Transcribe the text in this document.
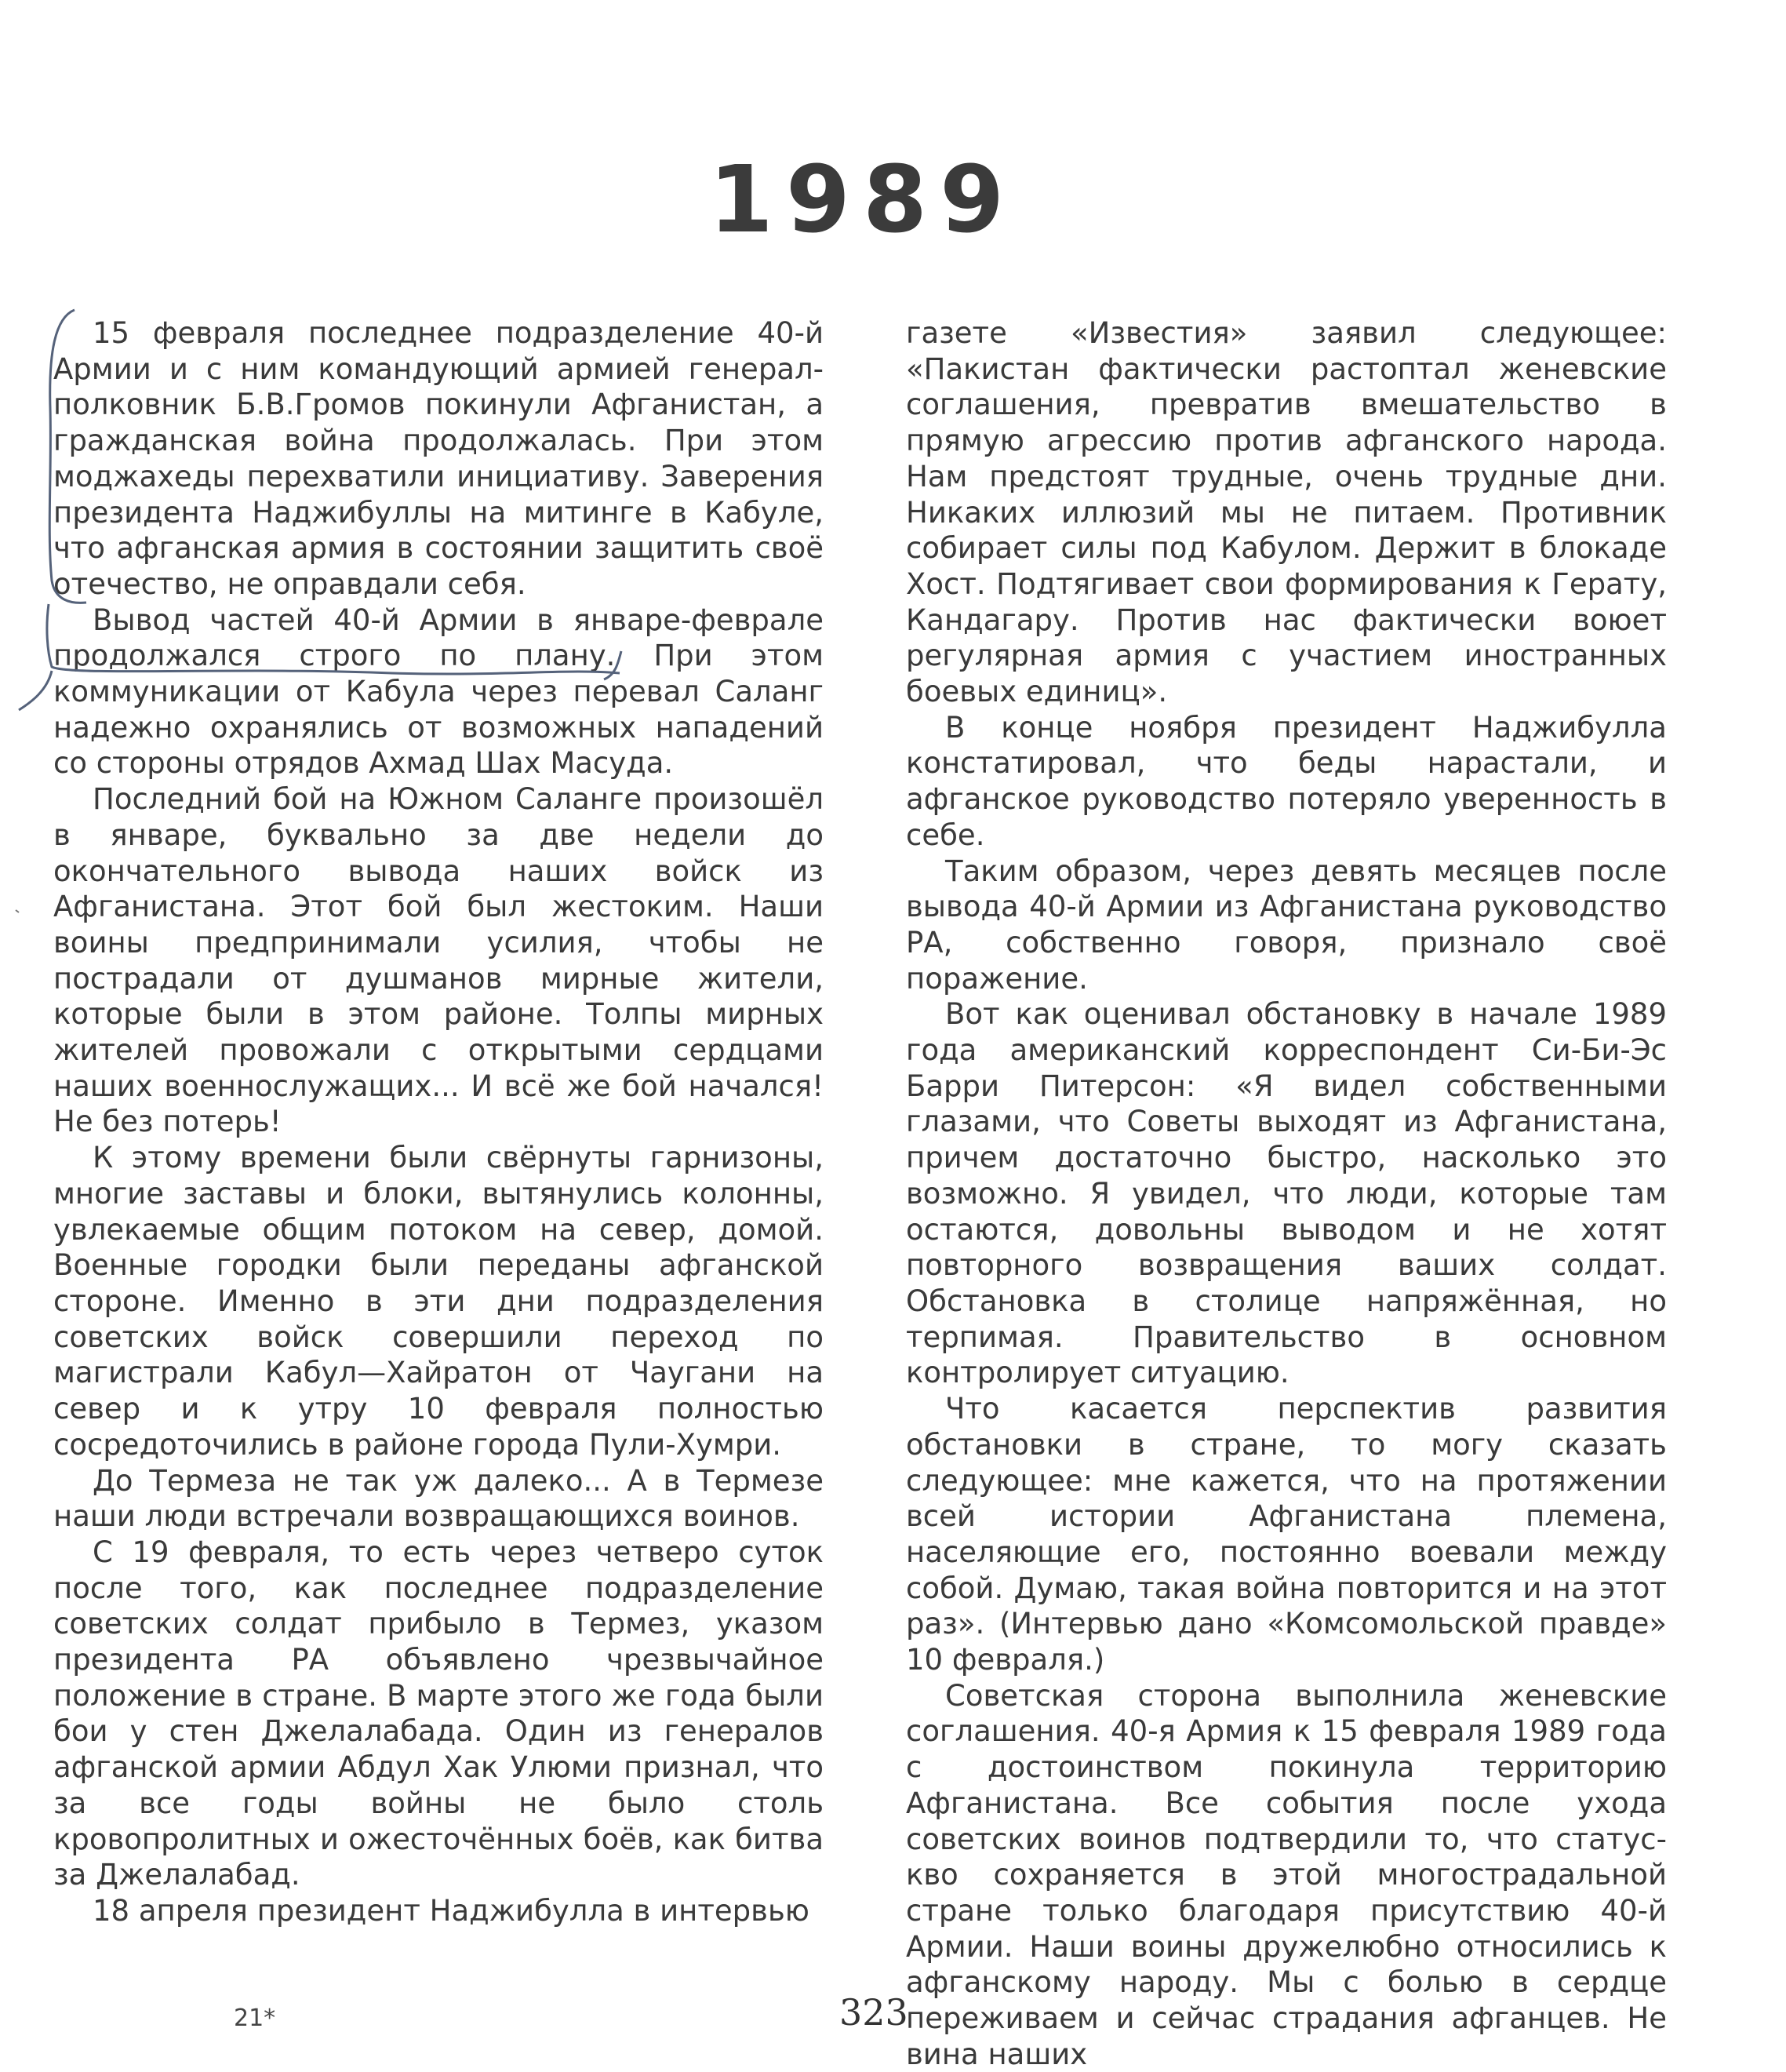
1989

15 февраля последнее подразделение 40-й Армии и с ним командующий армией генерал-полковник Б.В.Громов покинули Афганистан, а гражданская война продолжалась. При этом моджахеды перехватили инициативу. Заверения президента Наджибуллы на митинге в Кабуле, что афганская армия в состоянии защитить своё отечество, не оправдали себя.

Вывод частей 40-й Армии в январе-феврале продолжался строго по плану. При этом коммуникации от Кабула через перевал Саланг надежно охранялись от возможных нападений со стороны отрядов Ахмад Шах Масуда.

Последний бой на Южном Саланге произошёл в январе, буквально за две недели до окончательного вывода наших войск из Афганистана. Этот бой был жестоким. Наши воины предпринимали усилия, чтобы не пострадали от душманов мирные жители, которые были в этом районе. Толпы мирных жителей провожали с открытыми сердцами наших военнослужащих... И всё же бой начался! Не без потерь!

К этому времени были свёрнуты гарнизоны, многие заставы и блоки, вытянулись колонны, увлекаемые общим потоком на север, домой. Военные городки были переданы афганской стороне. Именно в эти дни подразделения советских войск совершили переход по магистрали Кабул—Хайратон от Чаугани на север и к утру 10 февраля полностью сосредоточились в районе города Пули-Хумри.

До Термеза не так уж далеко... А в Термезе наши люди встречали возвращающихся воинов.

С 19 февраля, то есть через четверо суток после того, как последнее подразделение советских солдат прибыло в Термез, указом президента РА объявлено чрезвычайное положение в стране. В марте этого же года были бои у стен Джелалабада. Один из генералов афганской армии Абдул Хак Улюми признал, что за все годы войны не было столь кровопролитных и ожесточённых боёв, как битва за Джелалабад.

18 апреля президент Наджибулла в интервью

газете «Известия» заявил следующее: «Пакистан фактически растоптал женевские соглашения, превратив вмешательство в прямую агрессию против афганского народа. Нам предстоят трудные, очень трудные дни. Никаких иллюзий мы не питаем. Противник собирает силы под Кабулом. Держит в блокаде Хост. Подтягивает свои формирования к Герату, Кандагару. Против нас фактически воюет регулярная армия с участием иностранных боевых единиц».

В конце ноября президент Наджибулла констатировал, что беды нарастали, и афганское руководство потеряло уверенность в себе.

Таким образом, через девять месяцев после вывода 40-й Армии из Афганистана руководство РА, собственно говоря, признало своё поражение.

Вот как оценивал обстановку в начале 1989 года американский корреспондент Си-Би-Эс Барри Питерсон: «Я видел собственными глазами, что Советы выходят из Афганистана, причем достаточно быстро, насколько это возможно. Я увидел, что люди, которые там остаются, довольны выводом и не хотят повторного возвращения ваших солдат. Обстановка в столице напряжённая, но терпимая. Правительство в основном контролирует ситуацию.

Что касается перспектив развития обстановки в стране, то могу сказать следующее: мне кажется, что на протяжении всей истории Афганистана племена, населяющие его, постоянно воевали между собой. Думаю, такая война повторится и на этот раз». (Интервью дано «Комсомольской правде» 10 февраля.)

Советская сторона выполнила женевские соглашения. 40-я Армия к 15 февраля 1989 года с достоинством покинула территорию Афганистана. Все события после ухода советских воинов подтвердили то, что статус-кво сохраняется в этой многострадальной стране только благодаря присутствию 40-й Армии. Наши воины дружелюбно относились к афганскому народу. Мы с болью в сердце переживаем и сейчас страдания афганцев. Не вина наших

21*	323
